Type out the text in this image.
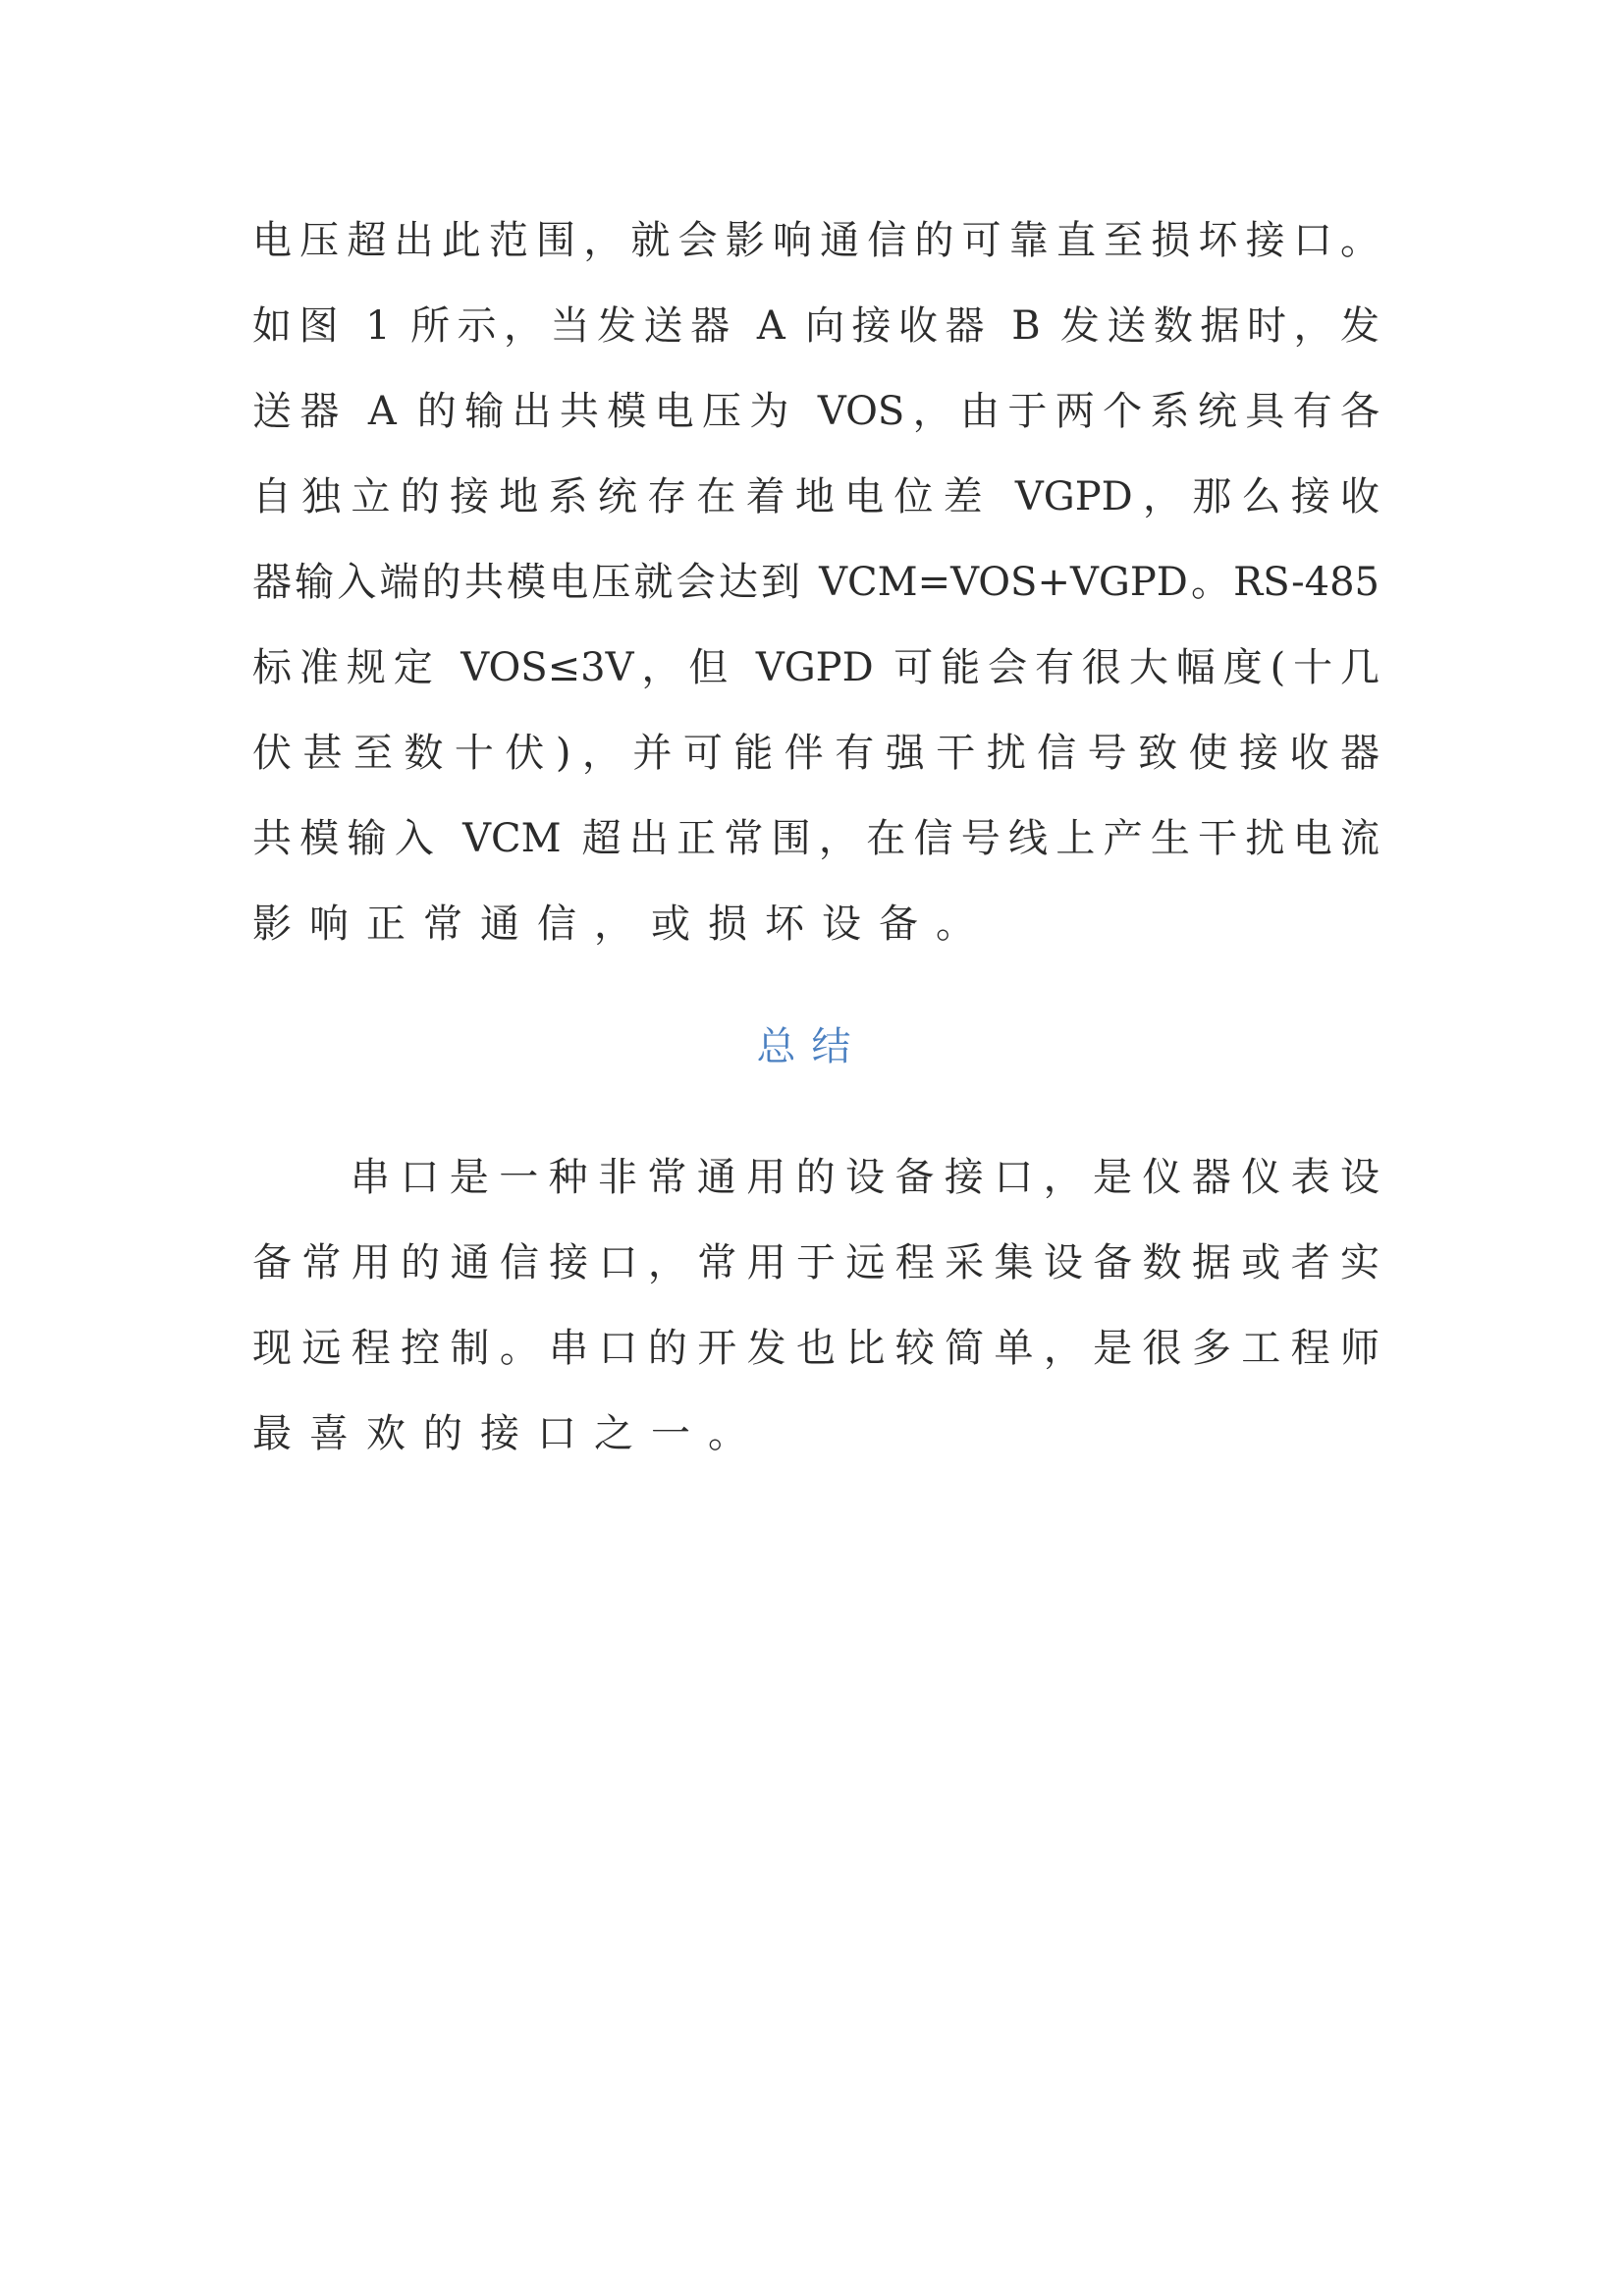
电压超出此范围，就会影响通信的可靠直至损坏接口。

如图 1 所示，当发送器 A 向接收器 B 发送数据时，发

送器 A 的输出共模电压为 VOS，由于两个系统具有各

自独立的接地系统存在着地电位差 VGPD，那么接收

器输入端的共模电压就会达到 VCM=VOS+VGPD。RS-485

标准规定 VOS≤3V，但 VGPD 可能会有很大幅度(十几

伏甚至数十伏)，并可能伴有强干扰信号致使接收器

共模输入 VCM 超出正常围，在信号线上产生干扰电流

影响正常通信，或损坏设备。

总结

串口是一种非常通用的设备接口，是仪器仪表设

备常用的通信接口，常用于远程采集设备数据或者实

现远程控制。串口的开发也比较简单，是很多工程师

最喜欢的接口之一。
